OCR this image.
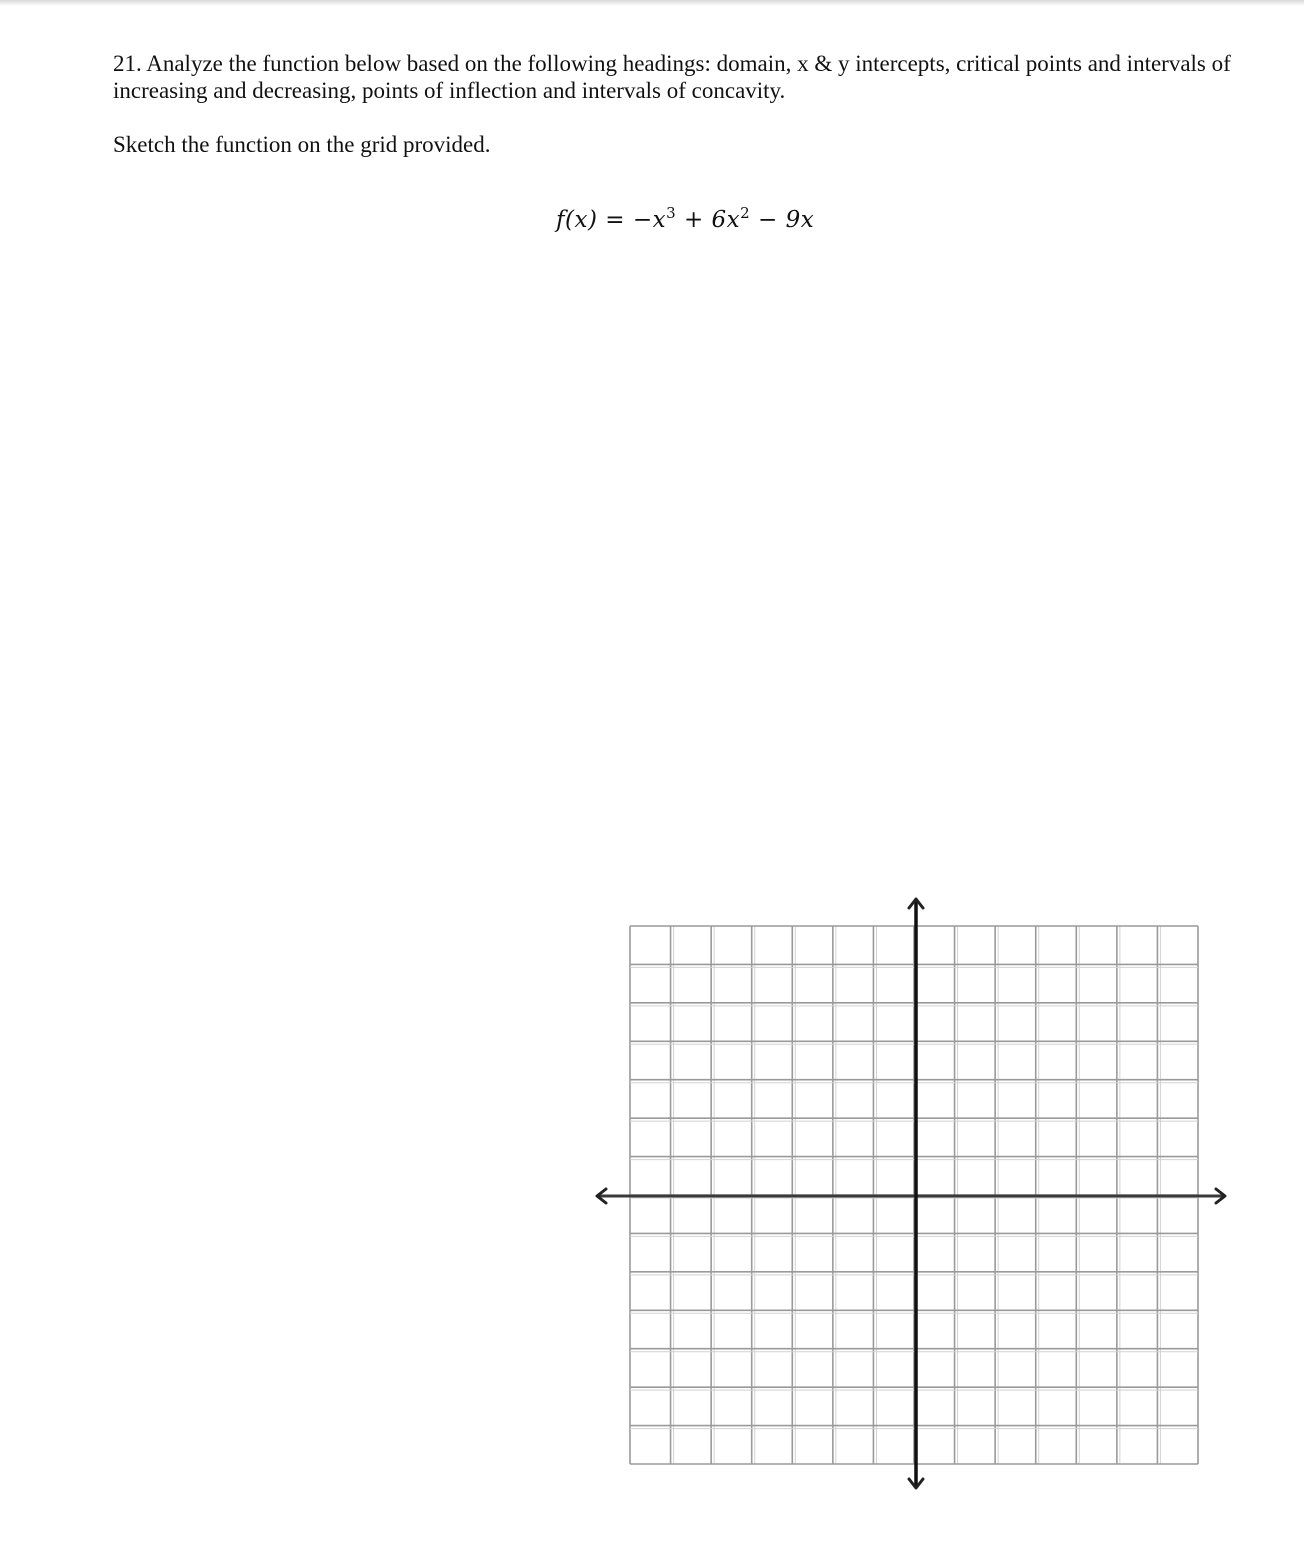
21. Analyze the function below based on the following headings: domain, x & y intercepts, critical points and intervals of increasing and decreasing, points of inflection and intervals of concavity.

Sketch the function on the grid provided.

$f(x) = -x^3 + 6x^2 - 9x$
